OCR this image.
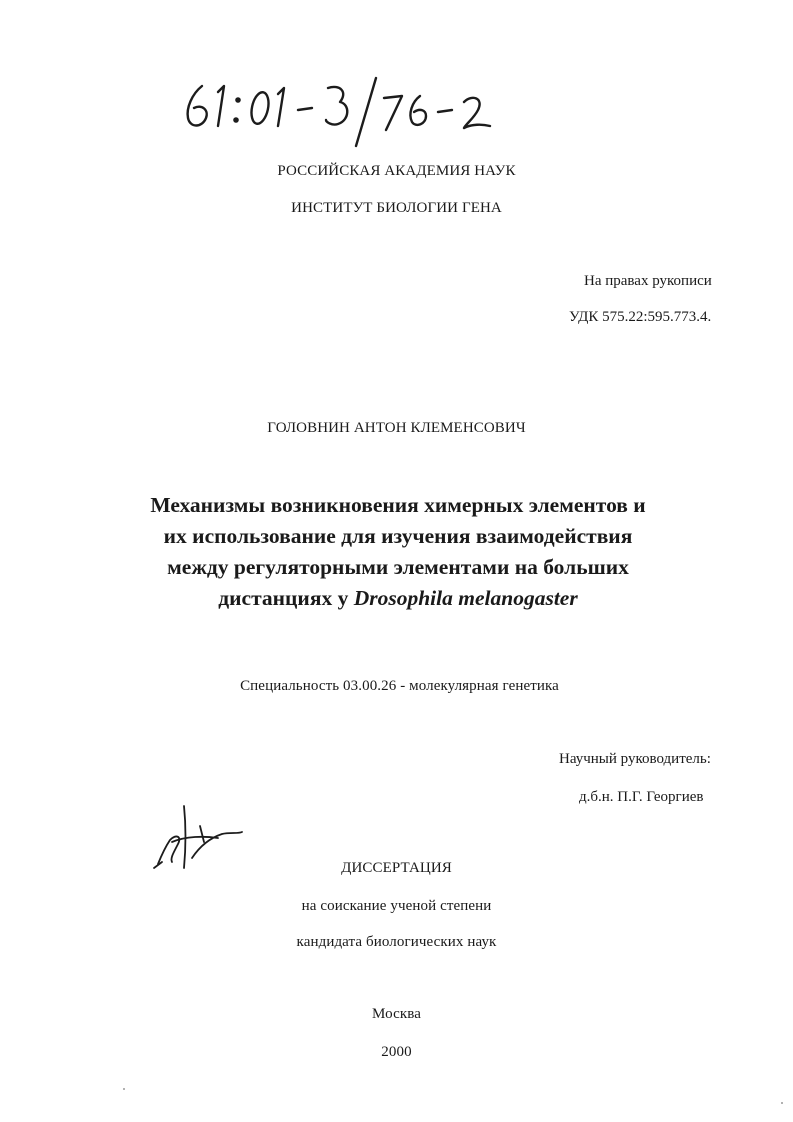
РОССИЙСКАЯ АКАДЕМИЯ НАУК
ИНСТИТУТ БИОЛОГИИ ГЕНА
На правах рукописи
УДК 575.22:595.773.4.
ГОЛОВНИН АНТОН КЛЕМЕНСОВИЧ
Механизмы возникновения химерных элементов и
их использование для изучения взаимодействия
между регуляторными элементами на больших
дистанциях у Drosophila melanogaster
Специальность 03.00.26 - молекулярная генетика
Научный руководитель:
д.б.н. П.Г. Георгиев
ДИССЕРТАЦИЯ
на соискание ученой степени
кандидата биологических наук
Москва
2000
